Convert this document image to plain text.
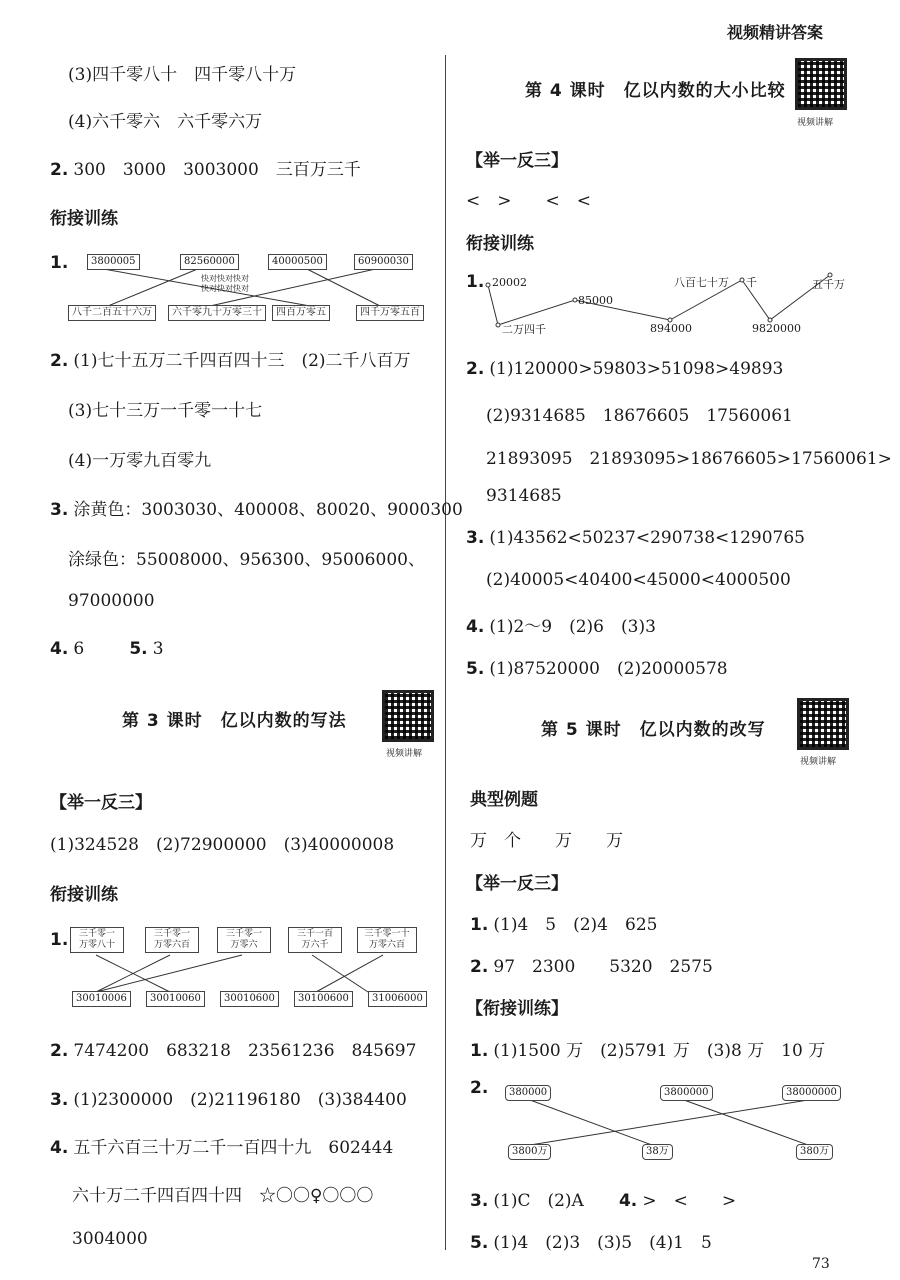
视频精讲答案
(3)四千零八十　四千零八十万
(4)六千零六　六千零六万
2. 300　3000　3003000　三百万三千
衔接训练
1.	3800005	82560000	40000500	60900030
快对快对快对
快对快对快对
八千二百五十六万	六千零九十万零三十	四百万零五	四千万零五百
2. (1)七十五万二千四百四十三　(2)二千八百万
(3)七十三万一千零一十七
(4)一万零九百零九
3. 涂黄色：3003030、400008、80020、9000300
涂绿色：55008000、956300、95006000、
97000000
4. 6	5. 3
第 3 课时　亿以内数的写法
视频讲解
【举一反三】
(1)324528　(2)72900000　(3)40000008
衔接训练
1.	三千零一
万零八十
三千零一
万零六百
三千零一
万零六
三千一百
万六千
三千零一十
万零六百
30010006	30010060	30010600	30100600	31006000
2. 7474200　683218　23561236　845697
3. (1)2300000　(2)21196180　(3)384400
4. 五千六百三十万二千一百四十九　602444
六十万二千四百四十四　☆〇〇♀〇〇〇
3004000
第 4 课时　亿以内数的大小比较
视频讲解
【举一反三】
<　>　　<　<
衔接训练
1. 20002
85000
八百七十万 千	五千万
二万四千	894000	9820000
2. (1)120000>59803>51098>49893
(2)9314685　18676605　17560061
21893095　21893095>18676605>17560061>
9314685
3. (1)43562<50237<290738<1290765
(2)40005<40400<45000<4000500
4. (1)2～9　(2)6　(3)3
5. (1)87520000　(2)20000578
第 5 课时　亿以内数的改写
视频讲解
典型例题
万　个　　万　　万
【举一反三】
1. (1)4　5　(2)4　625
2. 97　2300　　5320　2575
【衔接训练】
1. (1)1500 万　(2)5791 万　(3)8 万　10 万
2.	380000	3800000	38000000
3800万	38万	380万
3. (1)C　(2)A 4. >　<　　>
5. (1)4　(2)3　(3)5　(4)1　5
73
